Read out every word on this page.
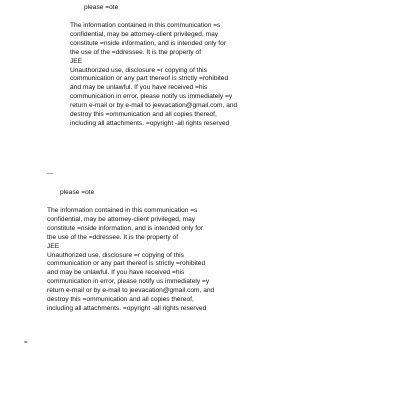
please =ote

The information contained in this communication =s

confidential, may be attorney-client privileged, may

constitute =nside information, and is intended only for

the use of the =ddressee. It is the property of

JEE

Unauthorized use, disclosure =r copying of this

communication or any part thereof is strictly =rohibited

and may be unlawful. If you have received =his

communication in error, please notify us immediately =y

return e-mail or by e-mail to jeevacation@gmail.com, and

destroy this =ommunication and all copies thereof,

including all attachments. =opyright -all rights reserved

—
please =ote

The information contained in this communication =s

confidential, may be attorney-client privileged, may

constitute =nside information, and is intended only for

the use of the =ddressee. It is the property of

JEE

Unauthorized use, disclosure =r copying of this

communication or any part thereof is strictly =rohibited

and may be unlawful. If you have received =his

communication in error, please notify us immediately =y

return e-mail or by e-mail to jeevacation@gmail.com, and

destroy this =ommunication and all copies thereof,

including all attachments. =opyright -all rights reserved

=
